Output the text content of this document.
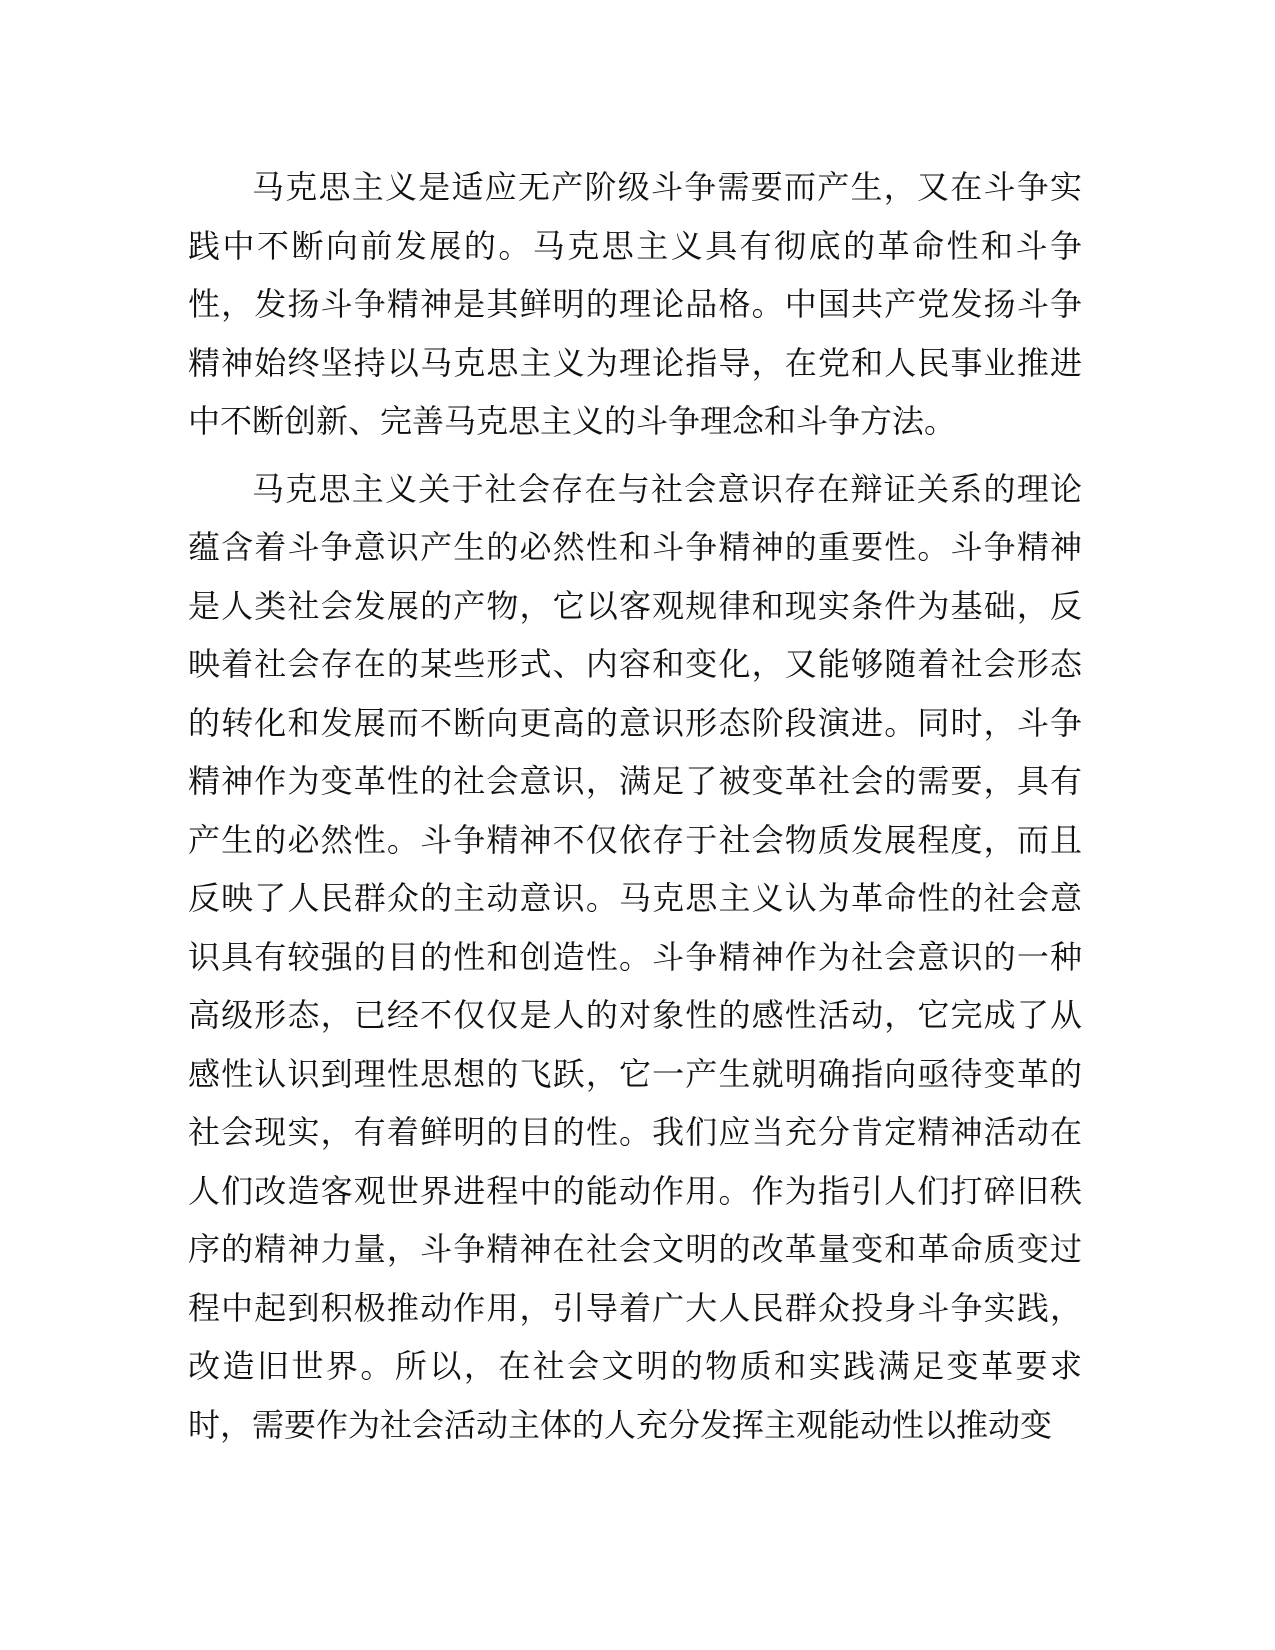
马克思主义是适应无产阶级斗争需要而产生，又在斗争实践中不断向前发展的。马克思主义具有彻底的革命性和斗争性，发扬斗争精神是其鲜明的理论品格。中国共产党发扬斗争精神始终坚持以马克思主义为理论指导，在党和人民事业推进中不断创新、完善马克思主义的斗争理念和斗争方法。

马克思主义关于社会存在与社会意识存在辩证关系的理论蕴含着斗争意识产生的必然性和斗争精神的重要性。斗争精神是人类社会发展的产物，它以客观规律和现实条件为基础，反映着社会存在的某些形式、内容和变化，又能够随着社会形态的转化和发展而不断向更高的意识形态阶段演进。同时，斗争精神作为变革性的社会意识，满足了被变革社会的需要，具有产生的必然性。斗争精神不仅依存于社会物质发展程度，而且反映了人民群众的主动意识。马克思主义认为革命性的社会意识具有较强的目的性和创造性。斗争精神作为社会意识的一种高级形态，已经不仅仅是人的对象性的感性活动，它完成了从感性认识到理性思想的飞跃，它一产生就明确指向亟待变革的社会现实，有着鲜明的目的性。我们应当充分肯定精神活动在人们改造客观世界进程中的能动作用。作为指引人们打碎旧秩序的精神力量，斗争精神在社会文明的改革量变和革命质变过程中起到积极推动作用，引导着广大人民群众投身斗争实践，改造旧世界。所以，在社会文明的物质和实践满足变革要求时，需要作为社会活动主体的人充分发挥主观能动性以推动变
